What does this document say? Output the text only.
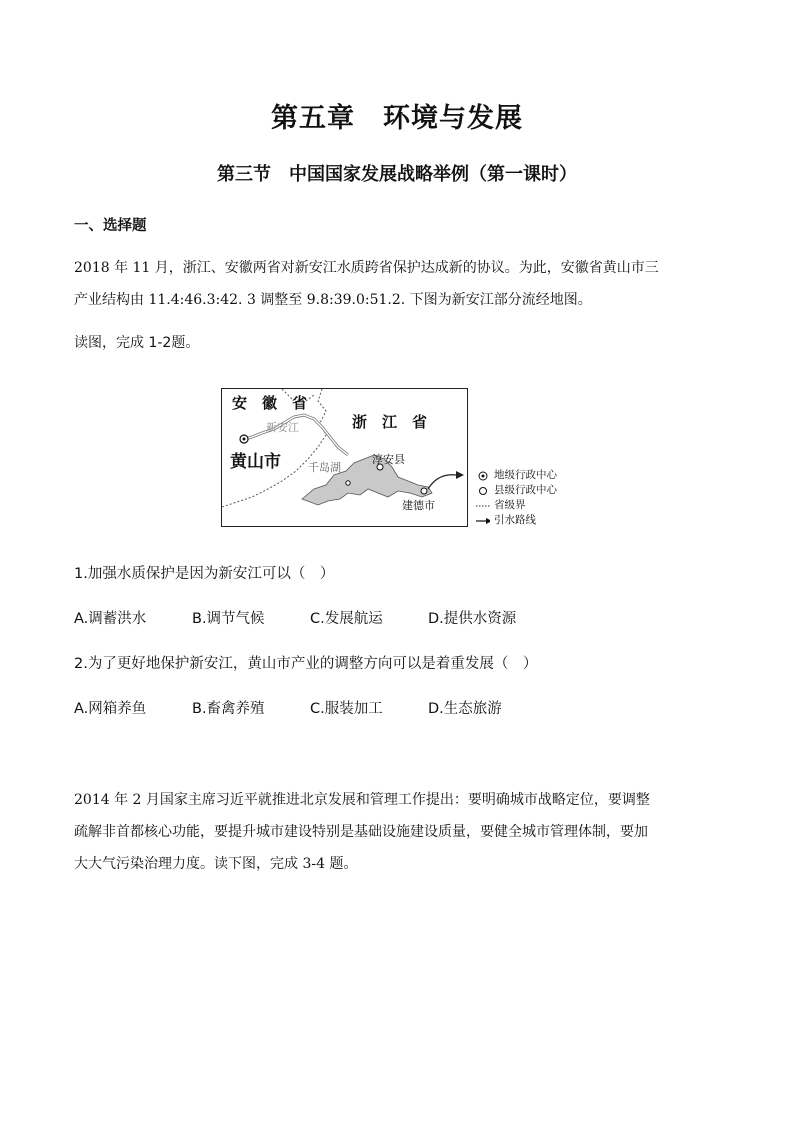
第五章　环境与发展
第三节　中国国家发展战略举例（第一课时）
一、选择题
2018 年 11 月，浙江、安徽两省对新安江水质跨省保护达成新的协议。为此，安徽省黄山市三
产业结构由 11.4:46.3:42. 3 调整至 9.8:39.0:51.2. 下图为新安江部分流经地图。
读图，完成 1-2题。
安　徽　省
浙　江　省
黄山市
新安江
千岛湖
淳安县
建德市
地级行政中心
县级行政中心
省级界
引水路线
1.加强水质保护是因为新安江可以（　）
A.调蓄洪水	B.调节气候	C.发展航运	D.提供水资源
2.为了更好地保护新安江，黄山市产业的调整方向可以是着重发展（　）
A.网箱养鱼	B.畜禽养殖	C.服装加工	D.生态旅游
2014 年 2 月国家主席习近平就推进北京发展和管理工作提出：要明确城市战略定位，要调整
疏解非首都核心功能，要提升城市建设特别是基础设施建设质量，要健全城市管理体制，要加
大大气污染治理力度。读下图，完成 3-4 题。
